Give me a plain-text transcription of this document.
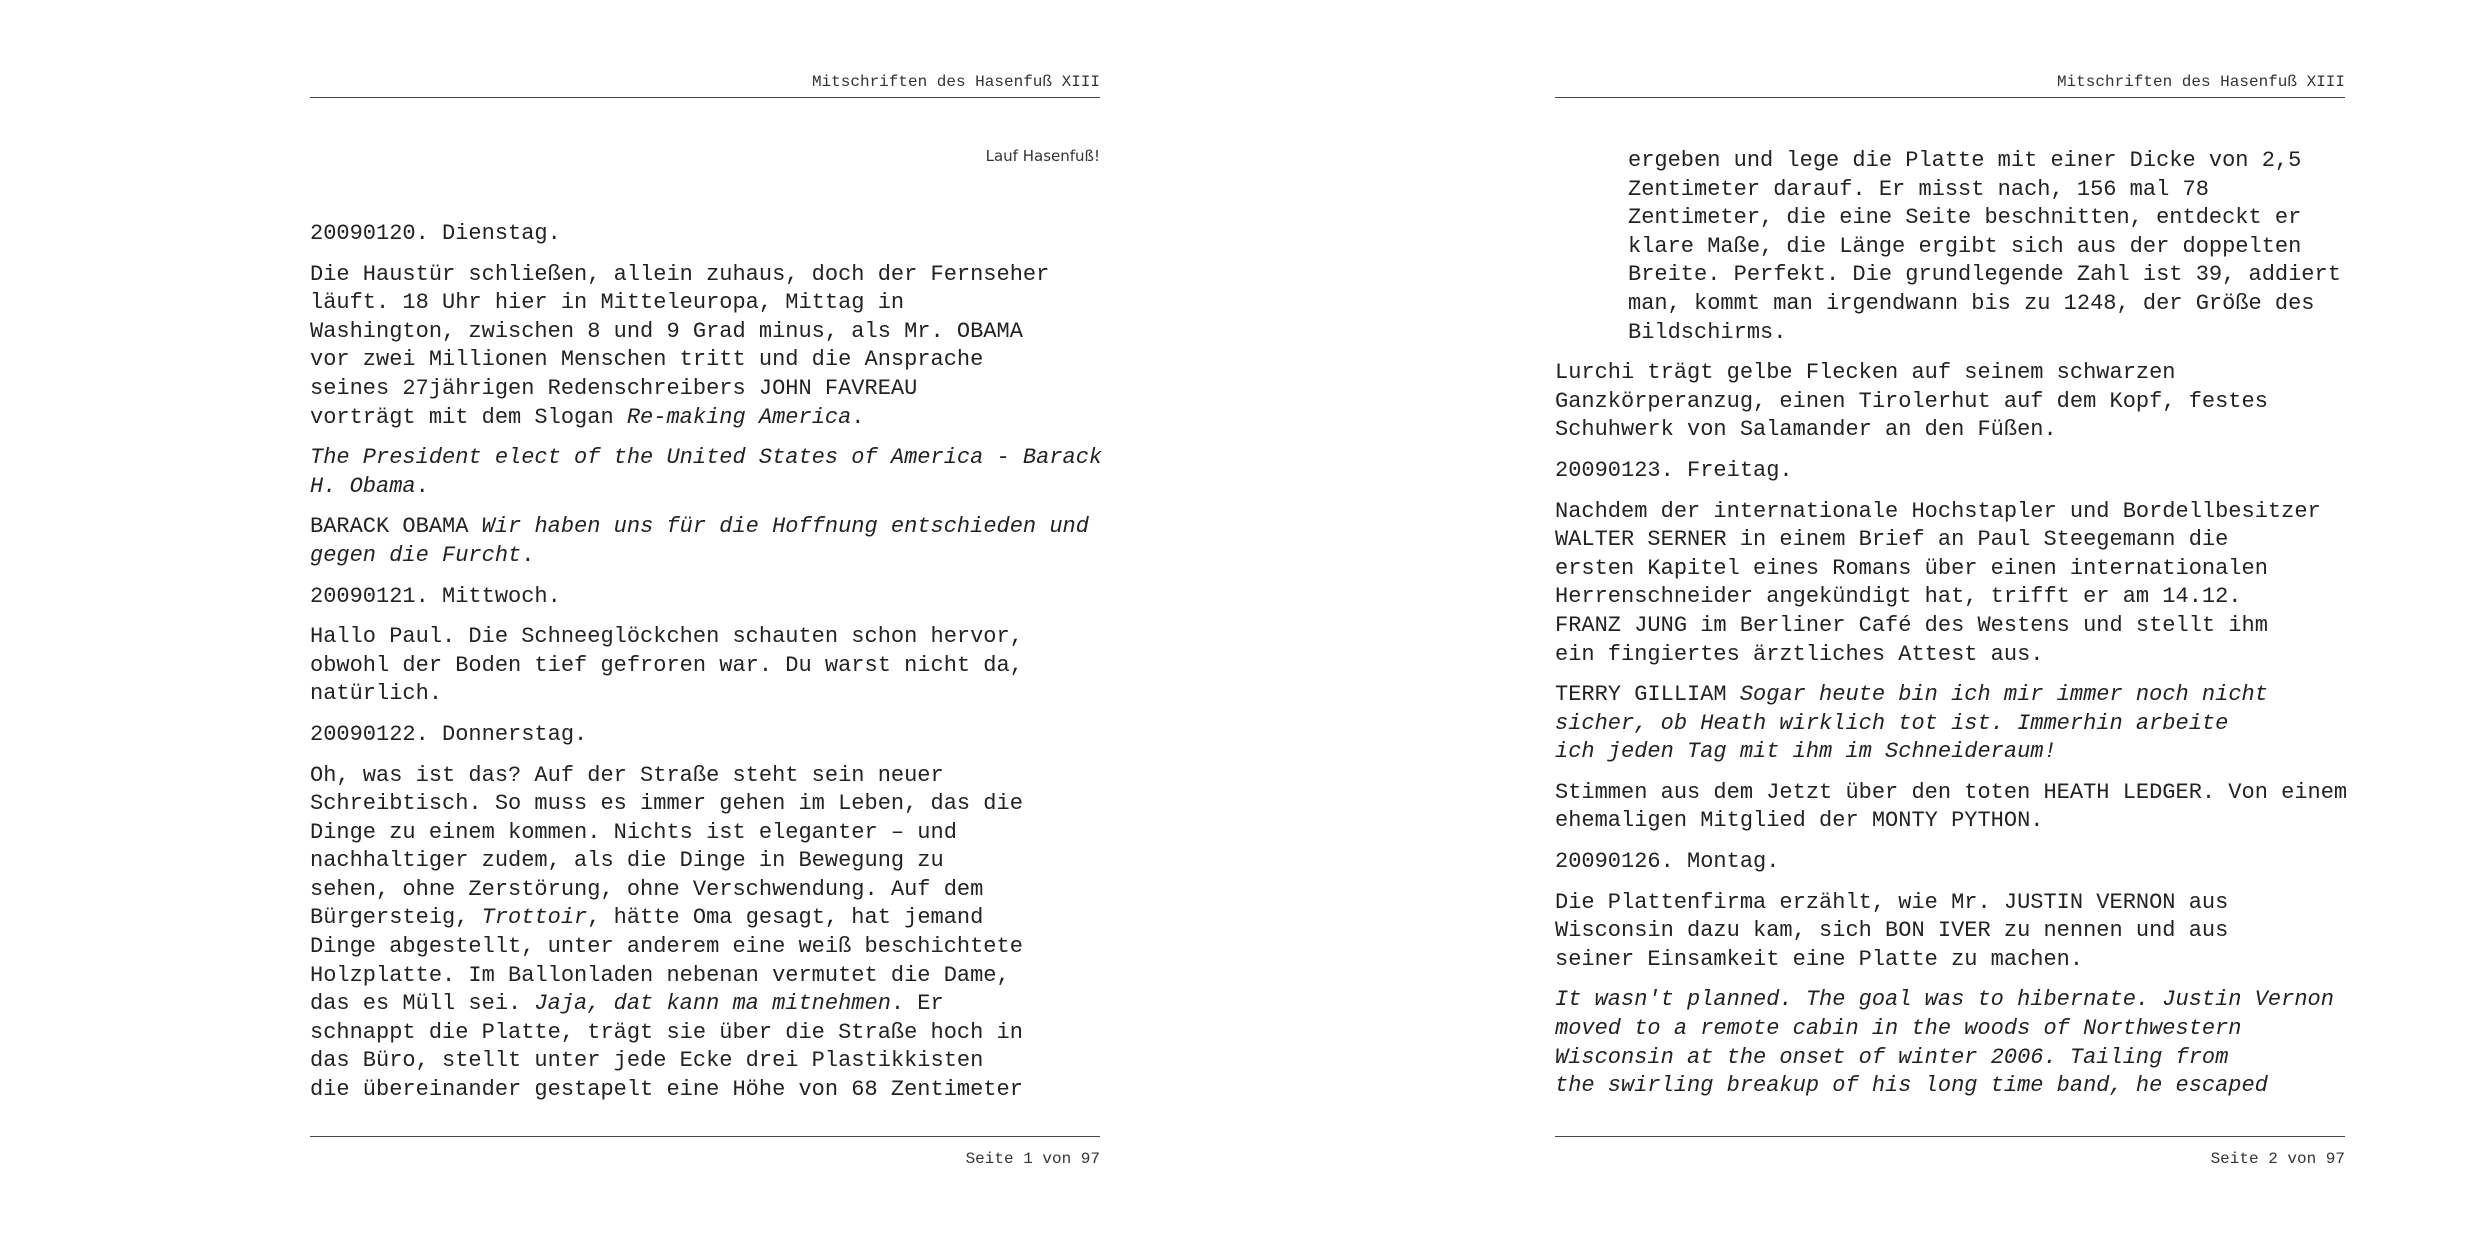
Mitschriften des Hasenfuß XIII
Lauf Hasenfuß!

20090120. Dienstag.

Die Haustür schließen, allein zuhaus, doch der Fernseher
läuft. 18 Uhr hier in Mitteleuropa, Mittag in
Washington, zwischen 8 und 9 Grad minus, als Mr. OBAMA
vor zwei Millionen Menschen tritt und die Ansprache
seines 27jährigen Redenschreibers JOHN FAVREAU
vorträgt mit dem Slogan Re-making America.

The President elect of the United States of America - Barack
H. Obama.

BARACK OBAMA Wir haben uns für die Hoffnung entschieden und
gegen die Furcht.

20090121. Mittwoch.

Hallo Paul. Die Schneeglöckchen schauten schon hervor,
obwohl der Boden tief gefroren war. Du warst nicht da,
natürlich.

20090122. Donnerstag.

Oh, was ist das? Auf der Straße steht sein neuer
Schreibtisch. So muss es immer gehen im Leben, das die
Dinge zu einem kommen. Nichts ist eleganter – und
nachhaltiger zudem, als die Dinge in Bewegung zu
sehen, ohne Zerstörung, ohne Verschwendung. Auf dem
Bürgersteig, Trottoir, hätte Oma gesagt, hat jemand
Dinge abgestellt, unter anderem eine weiß beschichtete
Holzplatte. Im Ballonladen nebenan vermutet die Dame,
das es Müll sei. Jaja, dat kann ma mitnehmen. Er
schnappt die Platte, trägt sie über die Straße hoch in
das Büro, stellt unter jede Ecke drei Plastikkisten
die übereinander gestapelt eine Höhe von 68 Zentimeter

Seite 1 von 97
Mitschriften des Hasenfuß XIII

ergeben und lege die Platte mit einer Dicke von 2,5
Zentimeter darauf. Er misst nach, 156 mal 78
Zentimeter, die eine Seite beschnitten, entdeckt er
klare Maße, die Länge ergibt sich aus der doppelten
Breite. Perfekt. Die grundlegende Zahl ist 39, addiert
man, kommt man irgendwann bis zu 1248, der Größe des
Bildschirms.

Lurchi trägt gelbe Flecken auf seinem schwarzen
Ganzkörperanzug, einen Tirolerhut auf dem Kopf, festes
Schuhwerk von Salamander an den Füßen.

20090123. Freitag.

Nachdem der internationale Hochstapler und Bordellbesitzer
WALTER SERNER in einem Brief an Paul Steegemann die
ersten Kapitel eines Romans über einen internationalen
Herrenschneider angekündigt hat, trifft er am 14.12.
FRANZ JUNG im Berliner Café des Westens und stellt ihm
ein fingiertes ärztliches Attest aus.

TERRY GILLIAM Sogar heute bin ich mir immer noch nicht
sicher, ob Heath wirklich tot ist. Immerhin arbeite
ich jeden Tag mit ihm im Schneideraum!

Stimmen aus dem Jetzt über den toten HEATH LEDGER. Von einem
ehemaligen Mitglied der MONTY PYTHON.

20090126. Montag.

Die Plattenfirma erzählt, wie Mr. JUSTIN VERNON aus
Wisconsin dazu kam, sich BON IVER zu nennen und aus
seiner Einsamkeit eine Platte zu machen.

It wasn't planned. The goal was to hibernate. Justin Vernon
moved to a remote cabin in the woods of Northwestern
Wisconsin at the onset of winter 2006. Tailing from
the swirling breakup of his long time band, he escaped

Seite 2 von 97
